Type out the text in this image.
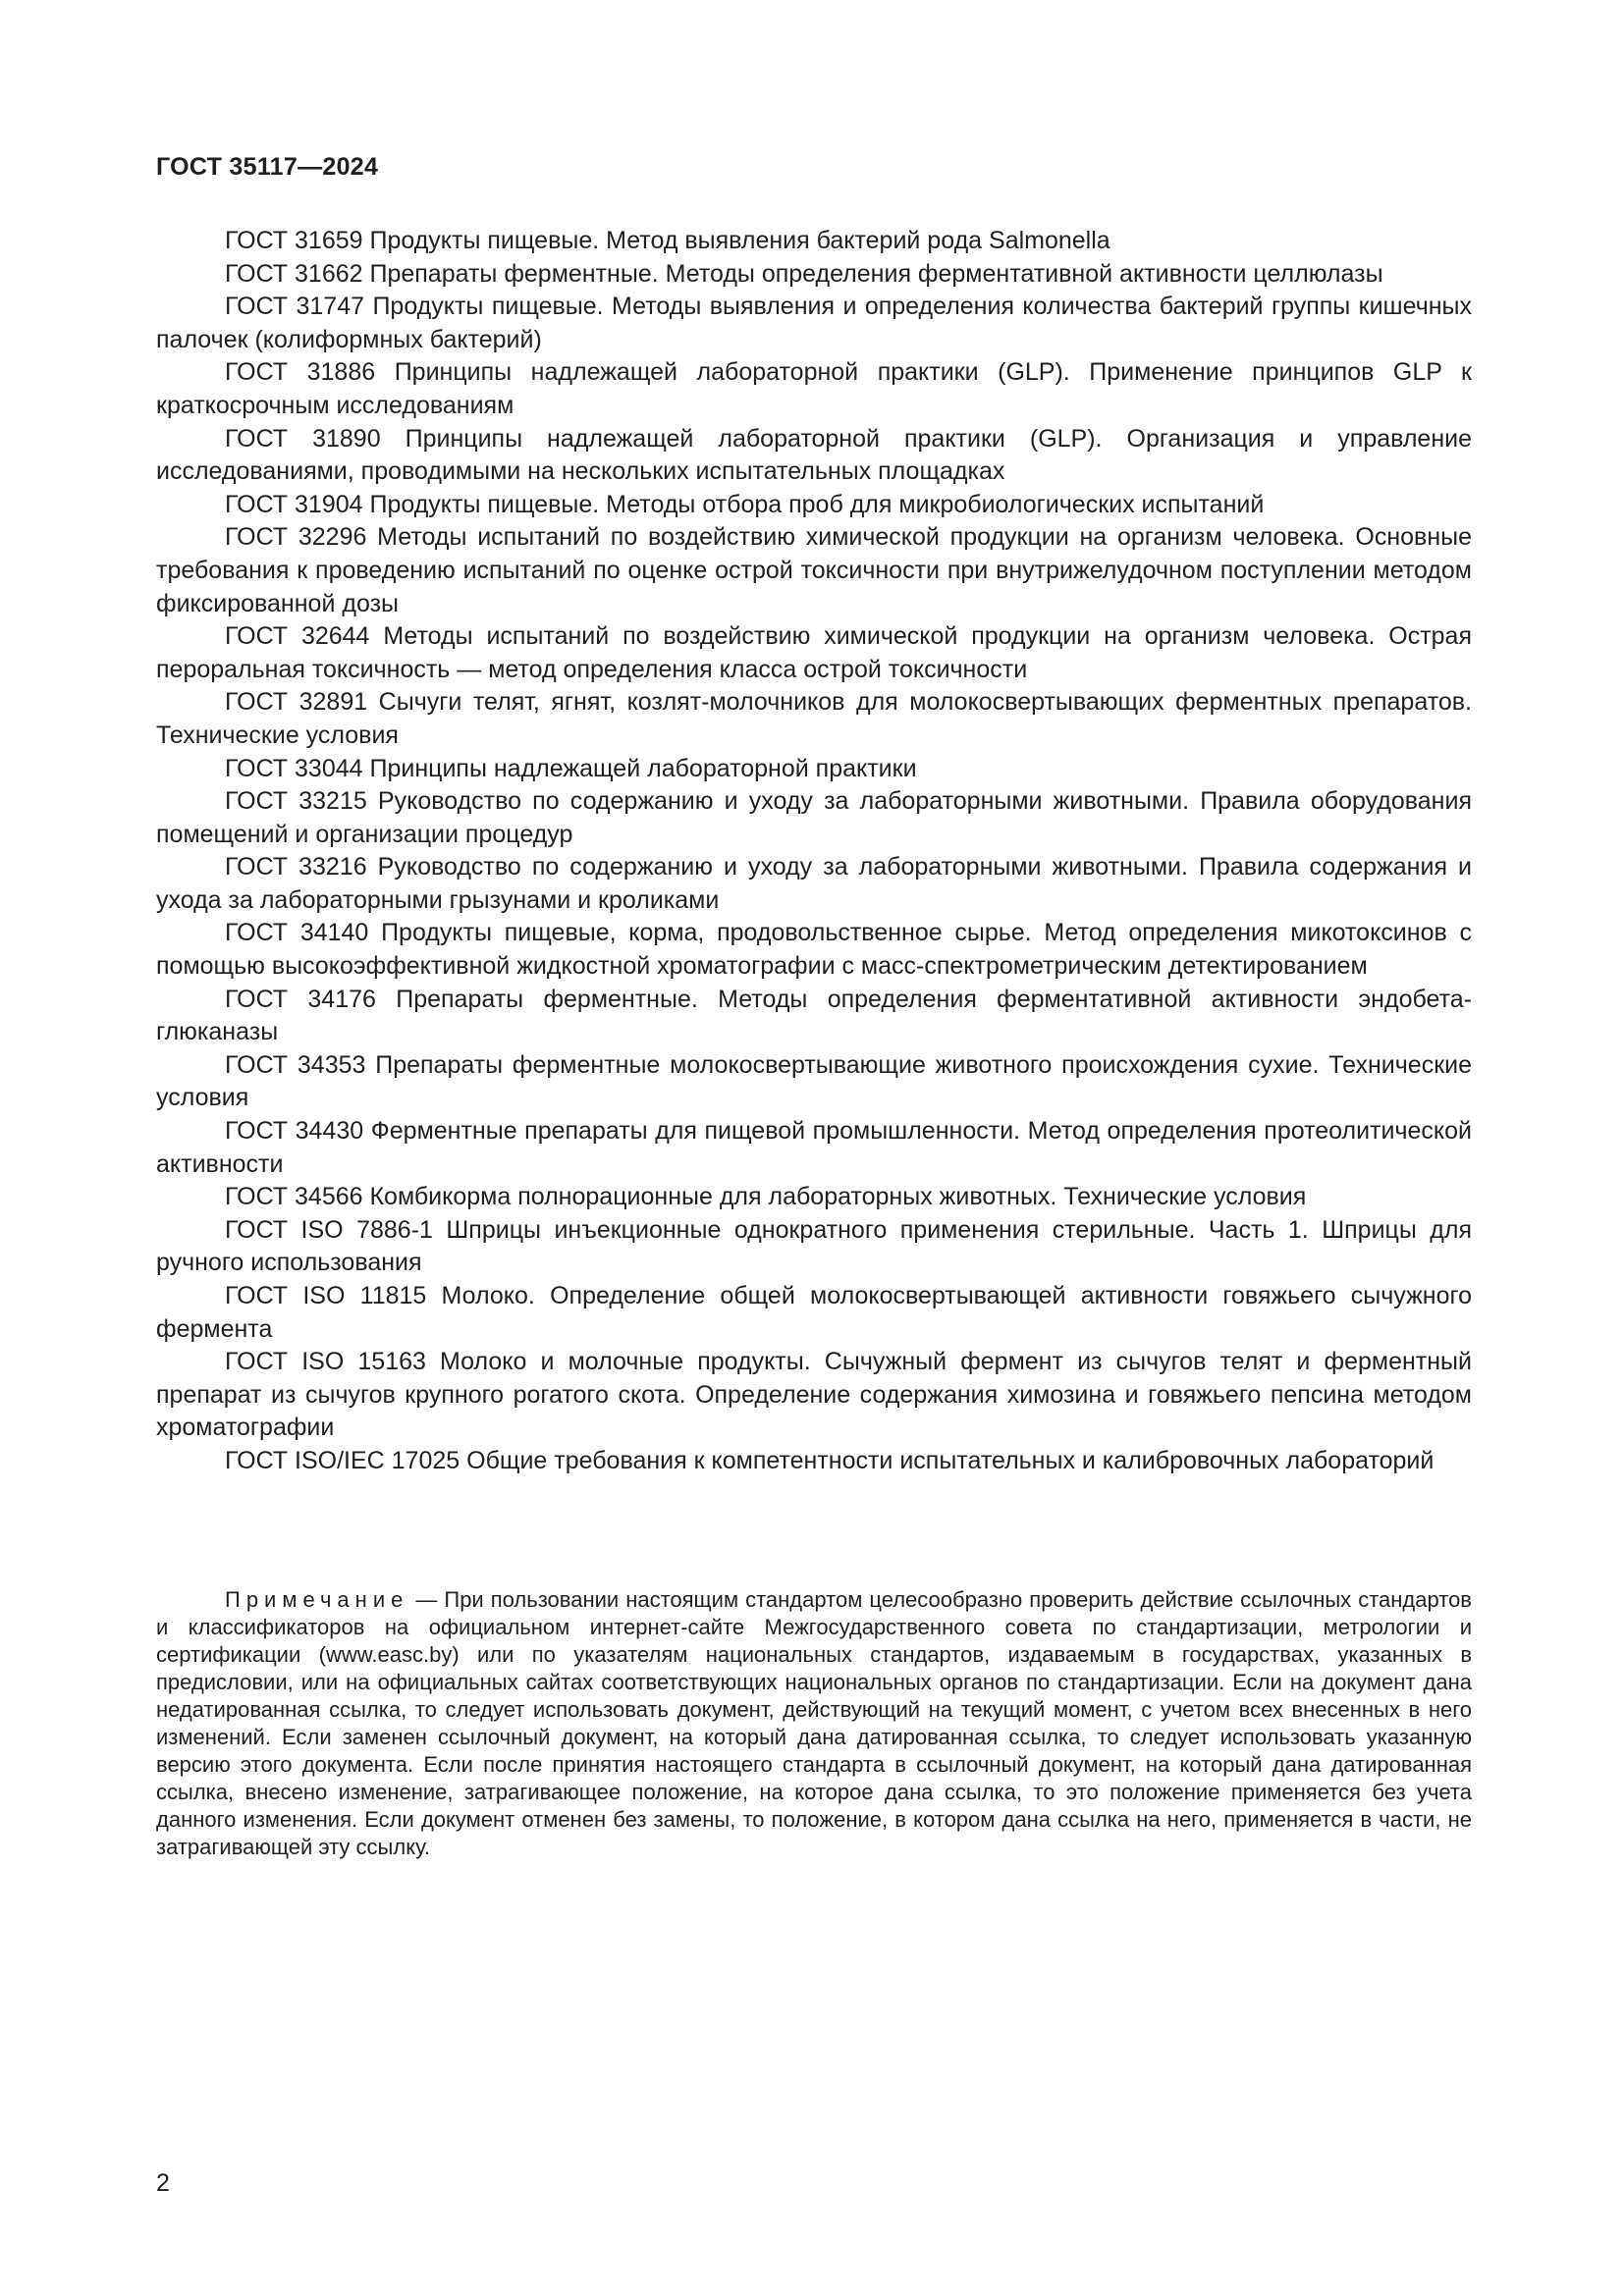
ГОСТ 35117—2024

ГОСТ 31659 Продукты пищевые. Метод выявления бактерий рода Salmonella

ГОСТ 31662 Препараты ферментные. Методы определения ферментативной активности целлюлазы

ГОСТ 31747 Продукты пищевые. Методы выявления и определения количества бактерий группы кишечных палочек (колиформных бактерий)

ГОСТ 31886 Принципы надлежащей лабораторной практики (GLP). Применение принципов GLP к краткосрочным исследованиям

ГОСТ 31890 Принципы надлежащей лабораторной практики (GLP). Организация и управление исследованиями, проводимыми на нескольких испытательных площадках

ГОСТ 31904 Продукты пищевые. Методы отбора проб для микробиологических испытаний

ГОСТ 32296 Методы испытаний по воздействию химической продукции на организм человека. Основные требования к проведению испытаний по оценке острой токсичности при внутрижелудочном поступлении методом фиксированной дозы

ГОСТ 32644 Методы испытаний по воздействию химической продукции на организм человека. Острая пероральная токсичность — метод определения класса острой токсичности

ГОСТ 32891 Сычуги телят, ягнят, козлят-молочников для молокосвертывающих ферментных препаратов. Технические условия

ГОСТ 33044 Принципы надлежащей лабораторной практики

ГОСТ 33215 Руководство по содержанию и уходу за лабораторными животными. Правила оборудования помещений и организации процедур

ГОСТ 33216 Руководство по содержанию и уходу за лабораторными животными. Правила содержания и ухода за лабораторными грызунами и кроликами

ГОСТ 34140 Продукты пищевые, корма, продовольственное сырье. Метод определения микотоксинов с помощью высокоэффективной жидкостной хроматографии с масс-спектрометрическим детектированием

ГОСТ 34176 Препараты ферментные. Методы определения ферментативной активности эндобета-глюканазы

ГОСТ 34353 Препараты ферментные молокосвертывающие животного происхождения сухие. Технические условия

ГОСТ 34430 Ферментные препараты для пищевой промышленности. Метод определения протеолитической активности

ГОСТ 34566 Комбикорма полнорационные для лабораторных животных. Технические условия

ГОСТ ISO 7886-1 Шприцы инъекционные однократного применения стерильные. Часть 1. Шприцы для ручного использования

ГОСТ ISO 11815 Молоко. Определение общей молокосвертывающей активности говяжьего сычужного фермента

ГОСТ ISO 15163 Молоко и молочные продукты. Сычужный фермент из сычугов телят и ферментный препарат из сычугов крупного рогатого скота. Определение содержания химозина и говяжьего пепсина методом хроматографии

ГОСТ ISO/IEC 17025 Общие требования к компетентности испытательных и калибровочных лабораторий

Примечание — При пользовании настоящим стандартом целесообразно проверить действие ссылочных стандартов и классификаторов на официальном интернет-сайте Межгосударственного совета по стандартизации, метрологии и сертификации (www.easc.by) или по указателям национальных стандартов, издаваемым в государствах, указанных в предисловии, или на официальных сайтах соответствующих национальных органов по стандартизации. Если на документ дана недатированная ссылка, то следует использовать документ, действующий на текущий момент, с учетом всех внесенных в него изменений. Если заменен ссылочный документ, на который дана датированная ссылка, то следует использовать указанную версию этого документа. Если после принятия настоящего стандарта в ссылочный документ, на который дана датированная ссылка, внесено изменение, затрагивающее положение, на которое дана ссылка, то это положение применяется без учета данного изменения. Если документ отменен без замены, то положение, в котором дана ссылка на него, применяется в части, не затрагивающей эту ссылку.

2
